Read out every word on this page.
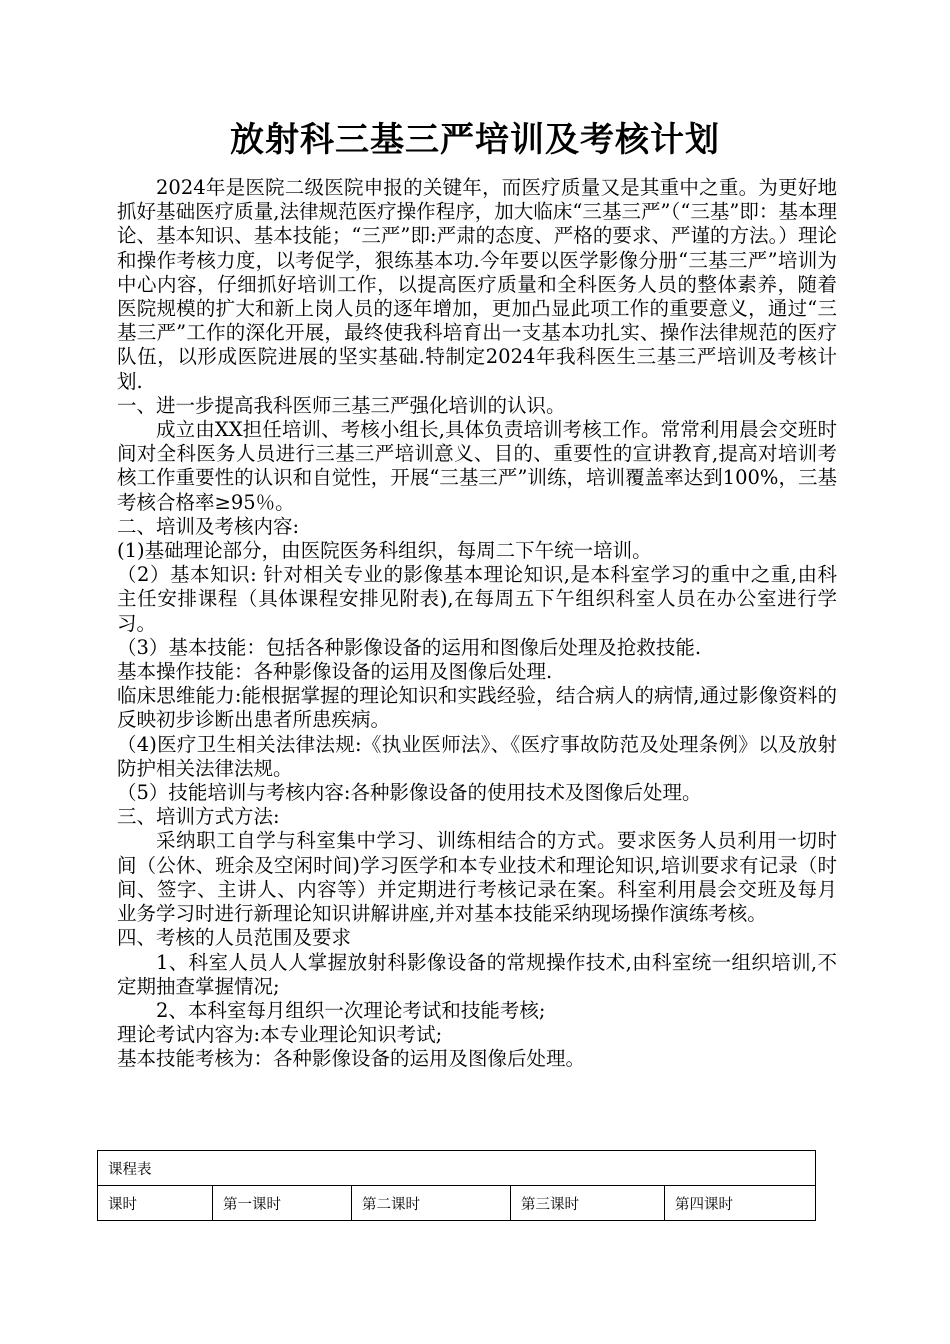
放射科三基三严培训及考核计划

2024年是医院二级医院申报的关键年，而医疗质量又是其重中之重。为更好地抓好基础医疗质量,法律规范医疗操作程序，加大临床“三基三严”（“三基”即：基本理论、基本知识、基本技能；“三严”即:严肃的态度、严格的要求、严谨的方法。）理论和操作考核力度，以考促学，狠练基本功.今年要以医学影像分册“三基三严”培训为中心内容，仔细抓好培训工作，以提高医疗质量和全科医务人员的整体素养，随着医院规模的扩大和新上岗人员的逐年增加，更加凸显此项工作的重要意义，通过“三基三严”工作的深化开展，最终使我科培育出一支基本功扎实、操作法律规范的医疗队伍，以形成医院进展的坚实基础.特制定2024年我科医生三基三严培训及考核计划.

一、进一步提高我科医师三基三严强化培训的认识。

成立由XX担任培训、考核小组长,具体负责培训考核工作。常常利用晨会交班时间对全科医务人员进行三基三严培训意义、目的、重要性的宣讲教育,提高对培训考核工作重要性的认识和自觉性，开展“三基三严”训练，培训覆盖率达到100%，三基考核合格率≥95％。

二、培训及考核内容:

(1)基础理论部分，由医院医务科组织，每周二下午统一培训。

（2）基本知识: 针对相关专业的影像基本理论知识,是本科室学习的重中之重,由科主任安排课程（具体课程安排见附表),在每周五下午组织科室人员在办公室进行学习。

（3）基本技能：包括各种影像设备的运用和图像后处理及抢救技能.

基本操作技能：各种影像设备的运用及图像后处理.

临床思维能力:能根据掌握的理论知识和实践经验，结合病人的病情,通过影像资料的反映初步诊断出患者所患疾病。

（4)医疗卫生相关法律法规:《执业医师法》、《医疗事故防范及处理条例》以及放射防护相关法律法规。

（5）技能培训与考核内容:各种影像设备的使用技术及图像后处理。

三、培训方式方法:

采纳职工自学与科室集中学习、训练相结合的方式。要求医务人员利用一切时间（公休、班余及空闲时间)学习医学和本专业技术和理论知识,培训要求有记录（时间、签字、主讲人、内容等）并定期进行考核记录在案。科室利用晨会交班及每月业务学习时进行新理论知识讲解讲座,并对基本技能采纳现场操作演练考核。

四、考核的人员范围及要求

1、科室人员人人掌握放射科影像设备的常规操作技术,由科室统一组织培训,不定期抽查掌握情况;

2、本科室每月组织一次理论考试和技能考核;

理论考试内容为:本专业理论知识考试;

基本技能考核为：各种影像设备的运用及图像后处理。

课程表
课时	第一课时	第二课时	第三课时	第四课时
